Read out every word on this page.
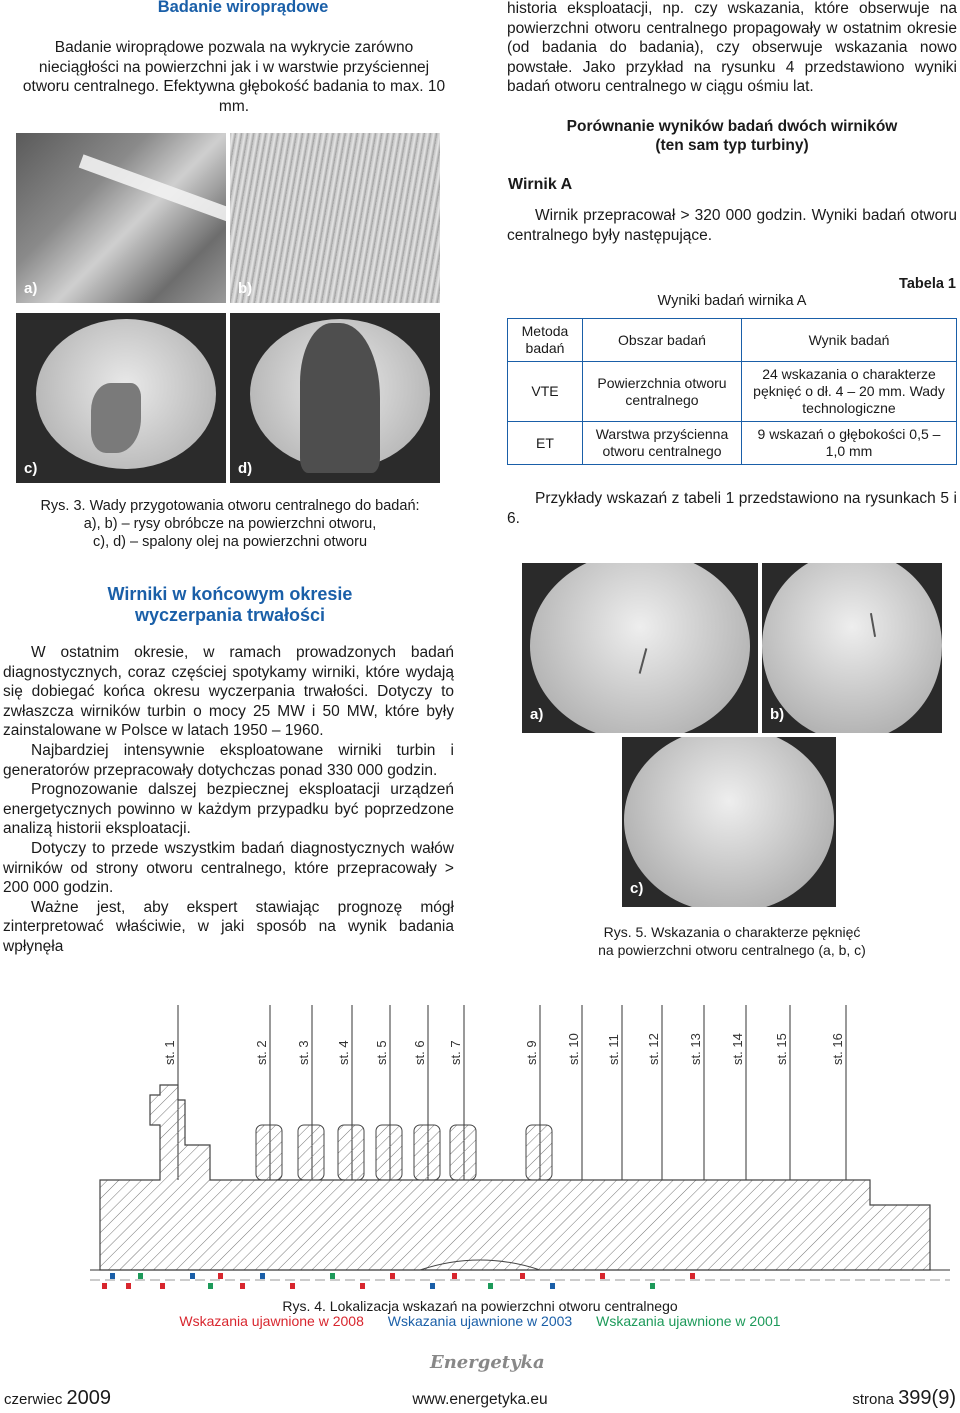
Badanie wiroprądowe
Badanie wiroprądowe pozwala na wykrycie zarówno nieciągłości na powierzchni jak i w warstwie przyściennej otworu centralnego. Efektywna głębokość badania to max. 10 mm.
a)	b)
c)	d)
Rys. 3. Wady przygotowania otworu centralnego do badań:
a), b) – rysy obróbcze na powierzchni otworu,
c), d) – spalony olej na powierzchni otworu
historia eksploatacji, np. czy wskazania, które obserwuje na powierzchni otworu centralnego propagowały w ostatnim okresie (od badania do badania), czy obserwuje wskazania nowo powstałe. Jako przykład na rysunku 4 przedstawiono wyniki badań otworu centralnego w ciągu ośmiu lat.
Porównanie wyników badań dwóch wirników
(ten sam typ turbiny)
Wirnik A
Wirnik przepracował > 320 000 godzin. Wyniki badań otworu centralnego były następujące.
Tabela 1
Wyniki badań wirnika A
Metoda badań	Obszar badań	Wynik badań
VTE	Powierzchnia otworu centralnego	24 wskazania o charakterze pęknięć o dł. 4 – 20 mm. Wady technologiczne
ET	Warstwa przyścienna otworu centralnego	9 wskazań o głębokości 0,5 – 1,0 mm
Przykłady wskazań z tabeli 1 przedstawiono na rysunkach 5 i 6.
a)	b)
c)
Rys. 5. Wskazania o charakterze pęknięć
na powierzchni otworu centralnego (a, b, c)
Wirniki w końcowym okresie
wyczerpania trwałości

W ostatnim okresie, w ramach prowadzonych badań diagnostycznych, coraz częściej spotykamy wirniki, które wydają się dobiegać końca okresu wyczerpania trwałości. Dotyczy to zwłaszcza wirników turbin o mocy 25 MW i 50 MW, które były zainstalowane w Polsce w latach 1950 – 1960.

Najbardziej intensywnie eksploatowane wirniki turbin i generatorów przepracowały dotychczas ponad 330 000 godzin.

Prognozowanie dalszej bezpiecznej eksploatacji urządzeń energetycznych powinno w każdym przypadku być poprzedzone analizą historii eksploatacji.

Dotyczy to przede wszystkim badań diagnostycznych wałów wirników od strony otworu centralnego, które przepracowały > 200 000 godzin.

Ważne jest, aby ekspert stawiając prognozę mógł zinterpretować właściwie, w jaki sposób na wynik badania wpłynęła

st. 1	st. 2 st. 3 st. 4 st. 5 st. 6 st. 7	st. 9 st. 10 st. 11 st. 12 st. 13 st. 14 st. 15	st. 16
Rys. 4. Lokalizacja wskazań na powierzchni otworu centralnego
Wskazania ujawnione w 2008 Wskazania ujawnione w 2003 Wskazania ujawnione w 2001
Energetyka
czerwiec 2009	www.energetyka.eu	strona 399(9)
